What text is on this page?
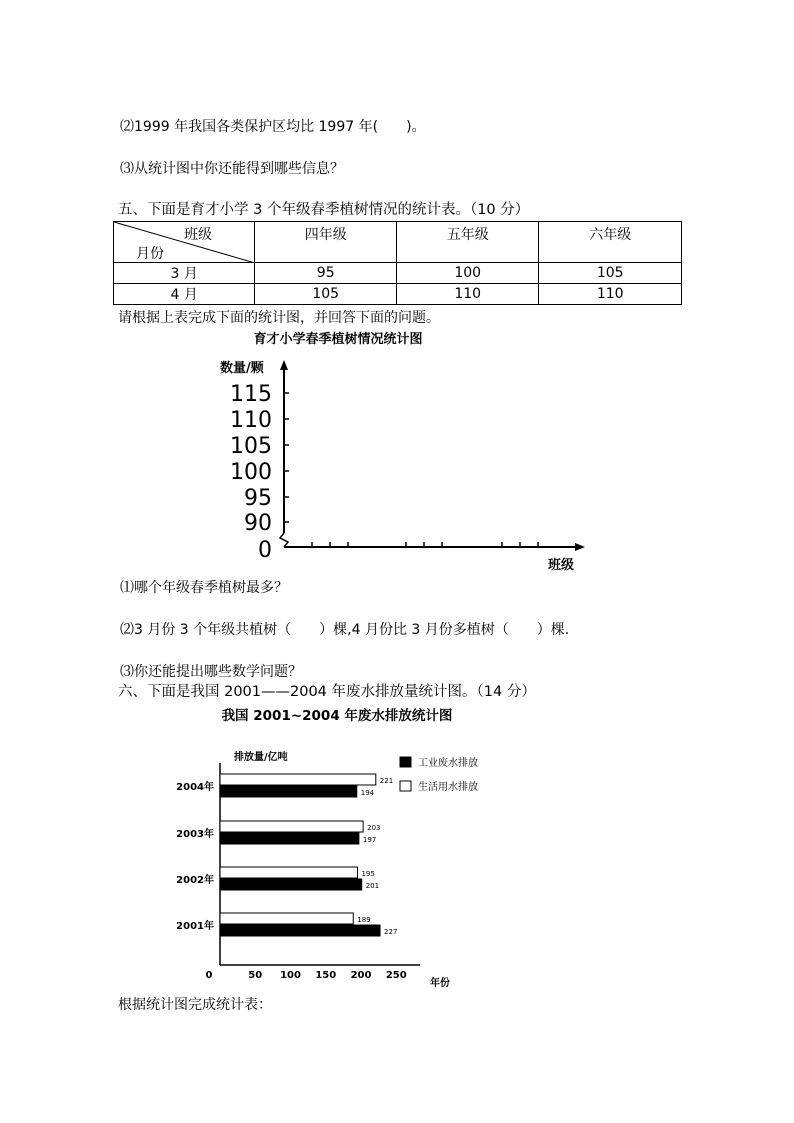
⑵1999 年我国各类保护区均比 1997 年(　　)。
⑶从统计图中你还能得到哪些信息？
五、下面是育才小学 3 个年级春季植树情况的统计表。（10 分）
班级
月份	四年级	五年级	六年级

3 月	95	100	105
4 月	105	110	110
请根据上表完成下面的统计图，并回答下面的问题。
育才小学春季植树情况统计图
数量/颗
0
90
95
100
105
110
115
班级
⑴哪个年级春季植树最多？
⑵3 月份 3 个年级共植树（　　）棵,4 月份比 3 月份多植树（　　）棵.
⑶你还能提出哪些数学问题？
六、下面是我国 2001——2004 年废水排放量统计图。（14 分）
我国 2001~2004 年废水排放统计图
排放量/亿吨
工业废水排放
生活用水排放
0	50 100 150 200 250
2004年
2003年
2002年
2001年
221
194
203
197
195
201
189
227
年份
根据统计图完成统计表：
